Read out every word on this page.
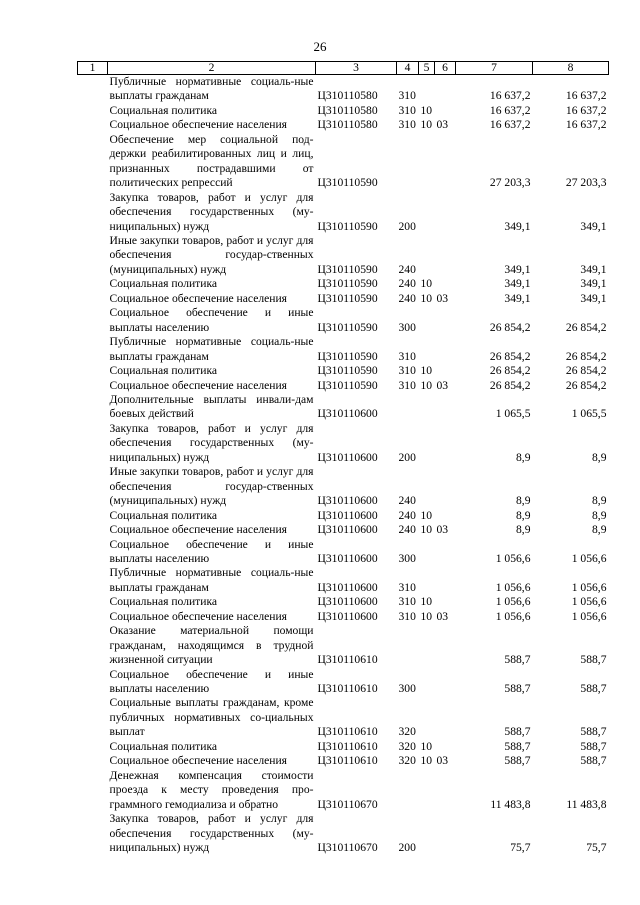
26
1	2	3	4	5	6	7	8
	Публичные нормативные социаль-ные выплаты гражданам	Ц310110580	310			16 637,2	16 637,2
	Социальная политика	Ц310110580	310	10		16 637,2	16 637,2
	Социальное обеспечение населения	Ц310110580	310	10	03	16 637,2	16 637,2
	Обеспечение мер социальной под-держки реабилитированных лиц и лиц, признанных пострадавшими от политических репрессий	Ц310110590				27 203,3	27 203,3
	Закупка товаров, работ и услуг для обеспечения государственных (му-ниципальных) нужд	Ц310110590	200			349,1	349,1
	Иные закупки товаров, работ и услуг для обеспечения государ-ственных (муниципальных) нужд	Ц310110590	240			349,1	349,1
	Социальная политика	Ц310110590	240	10		349,1	349,1
	Социальное обеспечение населения	Ц310110590	240	10	03	349,1	349,1
	Социальное обеспечение и иные выплаты населению	Ц310110590	300			26 854,2	26 854,2
	Публичные нормативные социаль-ные выплаты гражданам	Ц310110590	310			26 854,2	26 854,2
	Социальная политика	Ц310110590	310	10		26 854,2	26 854,2
	Социальное обеспечение населения	Ц310110590	310	10	03	26 854,2	26 854,2
	Дополнительные выплаты инвали-дам боевых действий	Ц310110600				1 065,5	1 065,5
	Закупка товаров, работ и услуг для обеспечения государственных (му-ниципальных) нужд	Ц310110600	200			8,9	8,9
	Иные закупки товаров, работ и услуг для обеспечения государ-ственных (муниципальных) нужд	Ц310110600	240			8,9	8,9
	Социальная политика	Ц310110600	240	10		8,9	8,9
	Социальное обеспечение населения	Ц310110600	240	10	03	8,9	8,9
	Социальное обеспечение и иные выплаты населению	Ц310110600	300			1 056,6	1 056,6
	Публичные нормативные социаль-ные выплаты гражданам	Ц310110600	310			1 056,6	1 056,6
	Социальная политика	Ц310110600	310	10		1 056,6	1 056,6
	Социальное обеспечение населения	Ц310110600	310	10	03	1 056,6	1 056,6
	Оказание материальной помощи гражданам, находящимся в трудной жизненной ситуации	Ц310110610				588,7	588,7
	Социальное обеспечение и иные выплаты населению	Ц310110610	300			588,7	588,7
	Социальные выплаты гражданам, кроме публичных нормативных со-циальных выплат	Ц310110610	320			588,7	588,7
	Социальная политика	Ц310110610	320	10		588,7	588,7
	Социальное обеспечение населения	Ц310110610	320	10	03	588,7	588,7
	Денежная компенсация стоимости проезда к месту проведения про-граммного гемодиализа и обратно	Ц310110670				11 483,8	11 483,8
	Закупка товаров, работ и услуг для обеспечения государственных (му-ниципальных) нужд	Ц310110670	200			75,7	75,7
